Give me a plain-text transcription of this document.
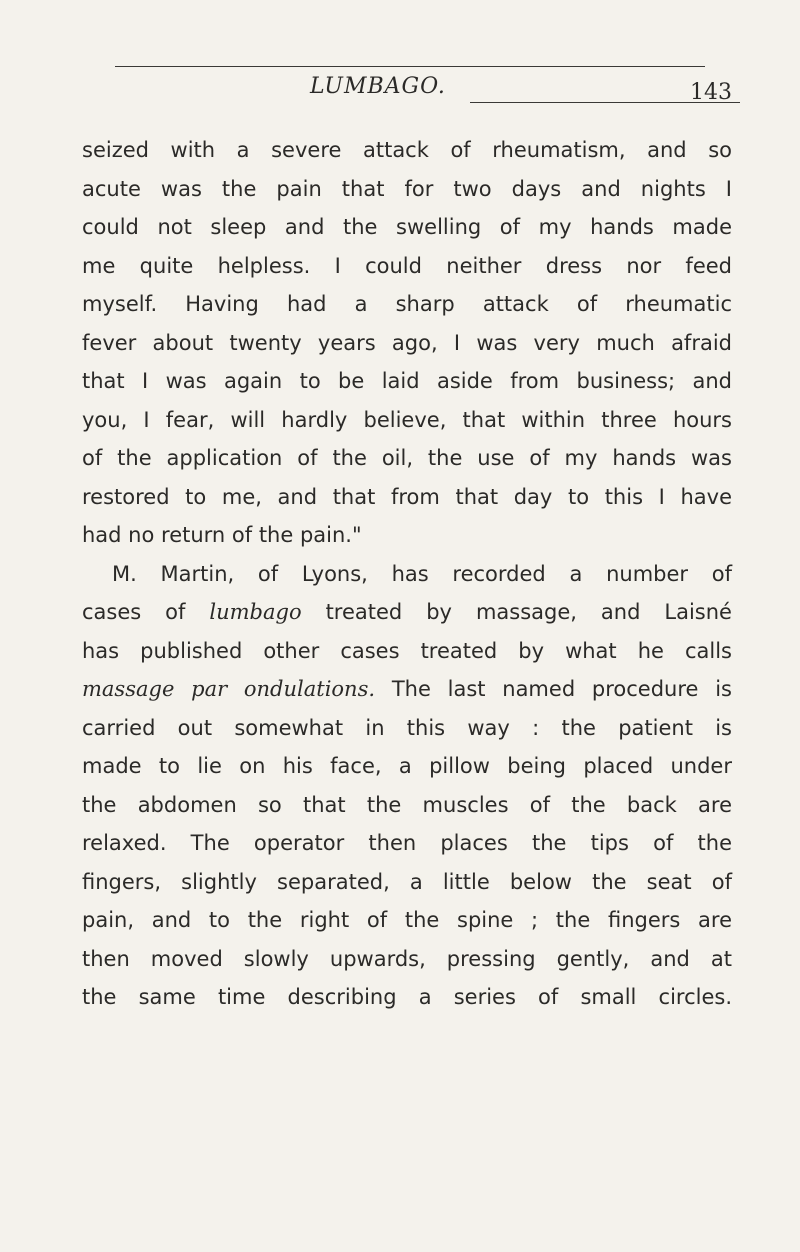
LUMBAGO.	143
seized with a severe attack of rheumatism, and so
acute was the pain that for two days and nights I
could not sleep and the swelling of my hands made
me quite helpless. I could neither dress nor feed
myself. Having had a sharp attack of rheumatic
fever about twenty years ago, I was very much afraid
that I was again to be laid aside from business; and
you, I fear, will hardly believe, that within three hours
of the application of the oil, the use of my hands was
restored to me, and that from that day to this I have
had no return of the pain."
M. Martin, of Lyons, has recorded a number of
cases of lumbago treated by massage, and Laisné
has published other cases treated by what he calls
massage par ondulations. The last named procedure is
carried out somewhat in this way : the patient is
made to lie on his face, a pillow being placed under
the abdomen so that the muscles of the back are
relaxed. The operator then places the tips of the
fingers, slightly separated, a little below the seat of
pain, and to the right of the spine ; the fingers are
then moved slowly upwards, pressing gently, and at
the same time describing a series of small circles.
